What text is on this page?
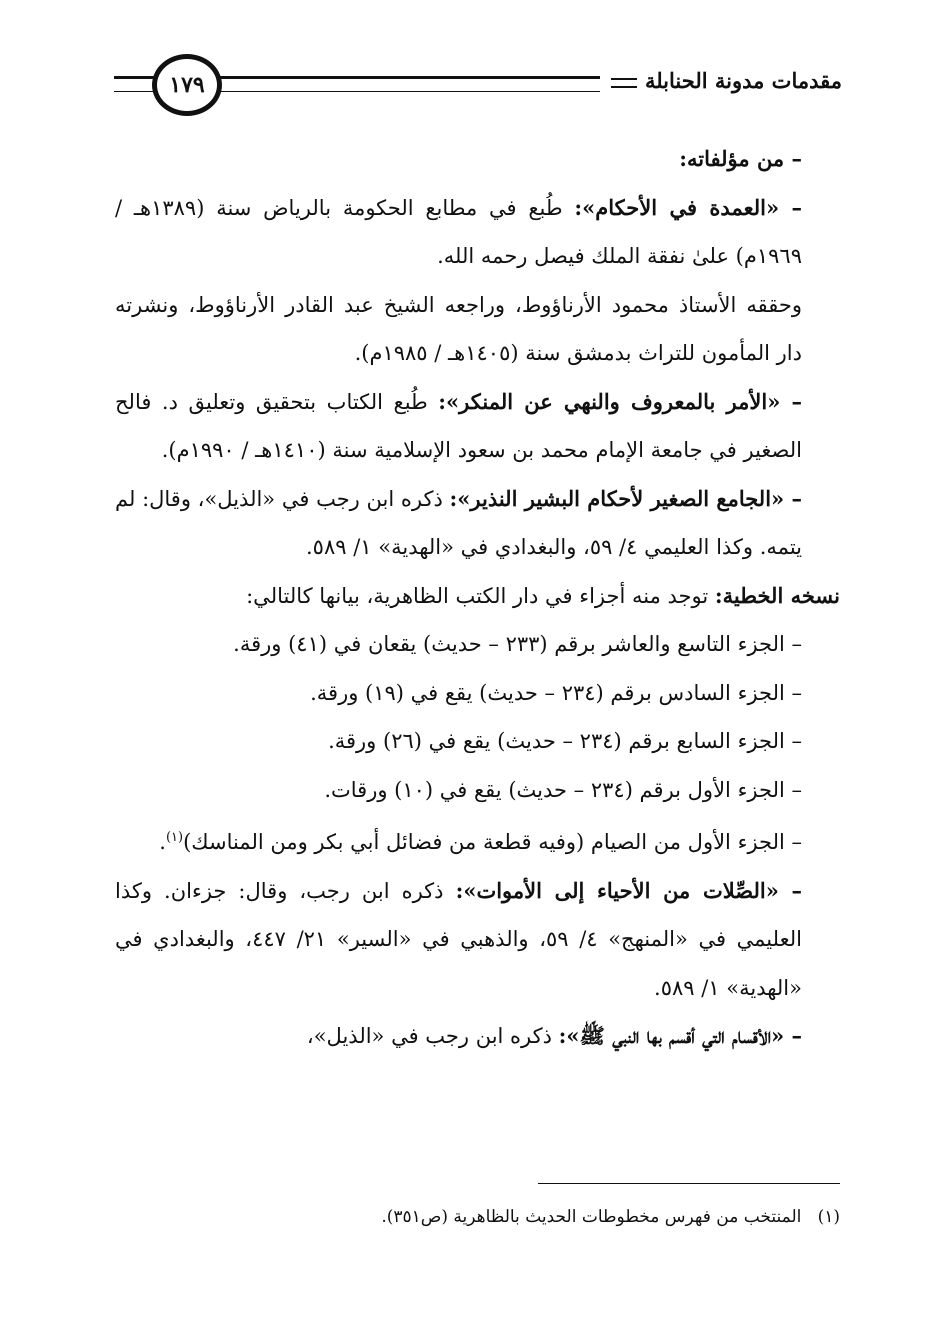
١٧٩	مقدمات مدونة الحنابلة

– من مؤلفاته:

– «العمدة في الأحكام»: طُبع في مطابع الحكومة بالرياض سنة (١٣٨٩هـ / ١٩٦٩م) علىٰ نفقة الملك فيصل رحمه الله.

وحققه الأستاذ محمود الأرناؤوط، وراجعه الشيخ عبد القادر الأرناؤوط، ونشرته دار المأمون للتراث بدمشق سنة (١٤٠٥هـ / ١٩٨٥م).

– «الأمر بالمعروف والنهي عن المنكر»: طُبع الكتاب بتحقيق وتعليق د. فالح الصغير في جامعة الإمام محمد بن سعود الإسلامية سنة (١٤١٠هـ / ١٩٩٠م).

– «الجامع الصغير لأحكام البشير النذير»: ذكره ابن رجب في «الذيل»، وقال: لم يتمه. وكذا العليمي ٤/ ٥٩، والبغدادي في «الهدية» ١/ ٥٨٩.

نسخه الخطية: توجد منه أجزاء في دار الكتب الظاهرية، بيانها كالتالي:

– الجزء التاسع والعاشر برقم (٢٣٣ – حديث) يقعان في (٤١) ورقة.

– الجزء السادس برقم (٢٣٤ – حديث) يقع في (١٩) ورقة.

– الجزء السابع برقم (٢٣٤ – حديث) يقع في (٢٦) ورقة.

– الجزء الأول برقم (٢٣٤ – حديث) يقع في (١٠) ورقات.

– الجزء الأول من الصيام (وفيه قطعة من فضائل أبي بكر ومن المناسك)$^{(١)}$.

– «الصِّلات من الأحياء إلى الأموات»: ذكره ابن رجب، وقال: جزءان. وكذا العليمي في «المنهج» ٤/ ٥٩، والذهبي في «السير» ٢١/ ٤٤٧، والبغدادي في «الهدية» ١/ ٥٨٩.

– «الأقسام التي أقسم بها النبي ﷺ»: ذكره ابن رجب في «الذيل»،

(١)   المنتخب من فهرس مخطوطات الحديث بالظاهرية (ص٣٥١).
